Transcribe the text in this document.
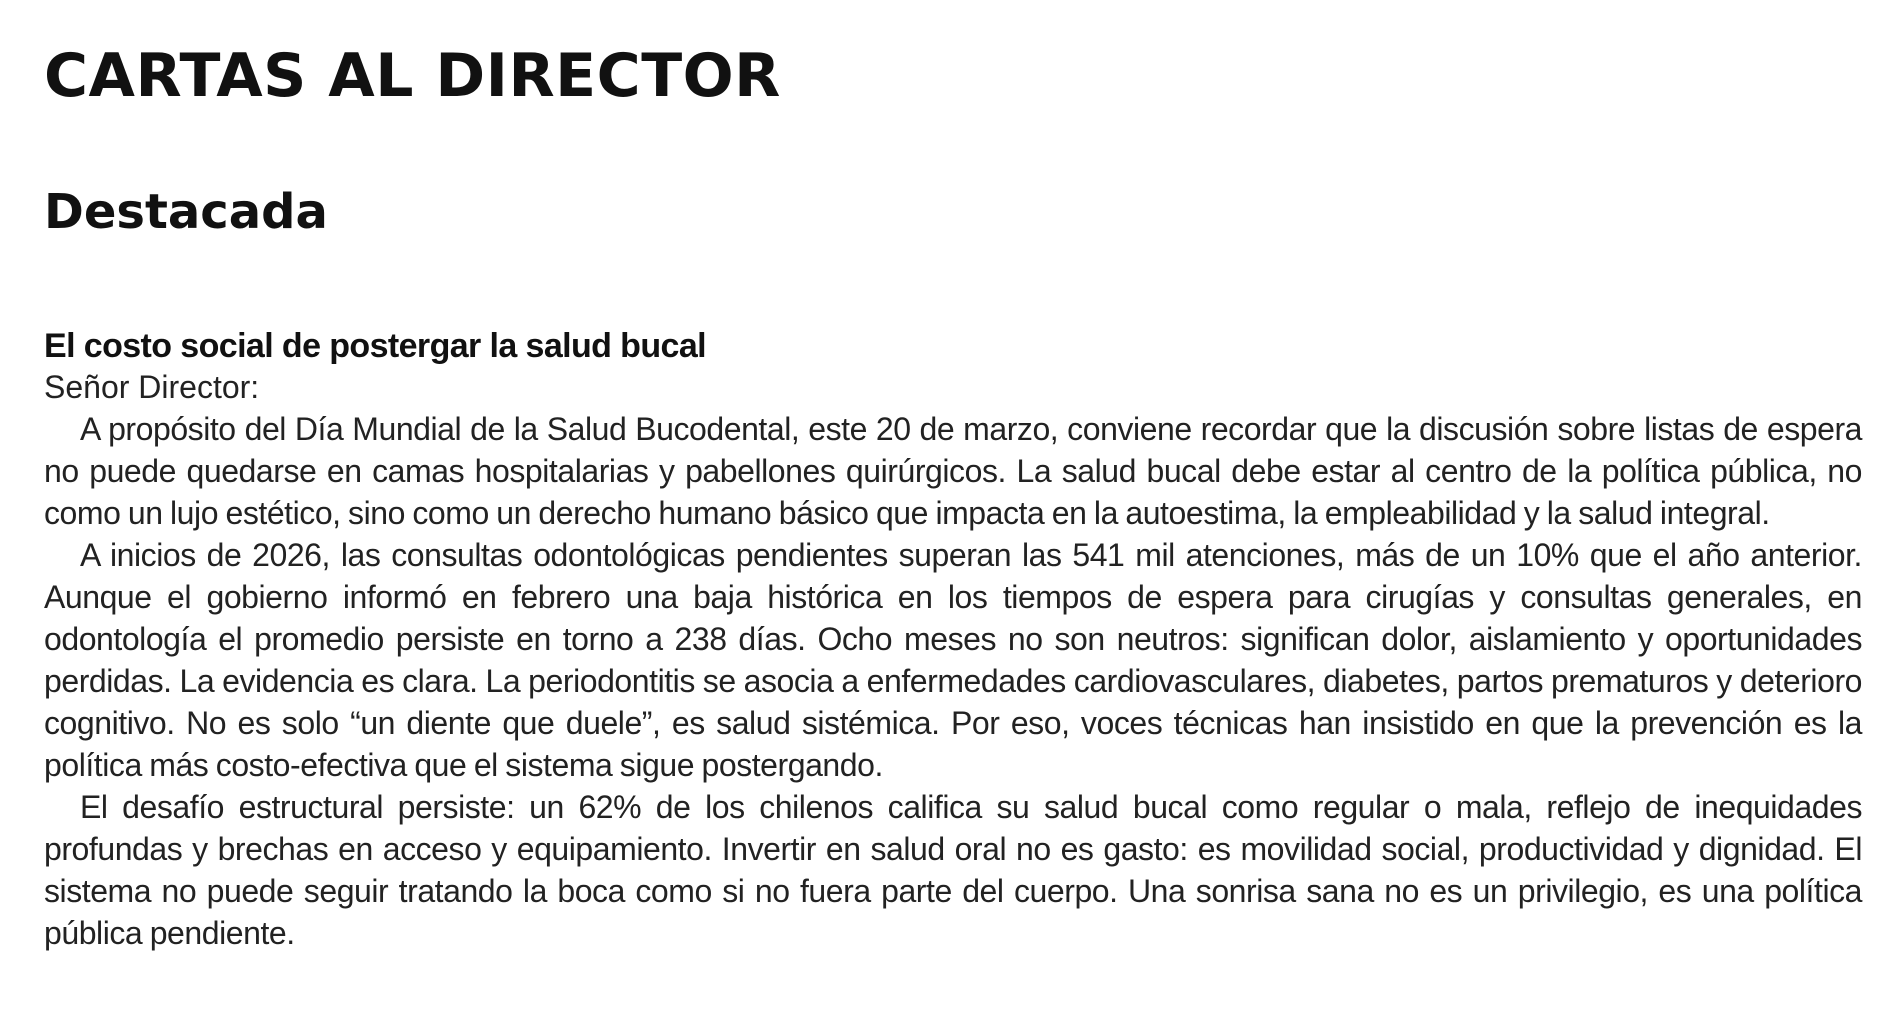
CARTAS AL DIRECTOR
Destacada
El costo social de postergar la salud bucal

Señor Director:

A propósito del Día Mundial de la Salud Bucodental, este 20 de marzo, conviene recordar que la discusión sobre listas de espera no puede quedarse en camas hospitalarias y pabellones quirúrgicos. La salud bucal debe estar al centro de la política pública, no como un lujo estético, sino como un derecho humano básico que impacta en la autoestima, la empleabilidad y la salud integral.

A inicios de 2026, las consultas odontológicas pendientes superan las 541 mil atenciones, más de un 10% que el año anterior. Aunque el gobierno informó en febrero una baja histórica en los tiempos de espera para cirugías y consultas generales, en odontología el promedio persiste en torno a 238 días. Ocho meses no son neutros: significan dolor, aislamiento y oportunidades perdidas. La evidencia es clara. La periodontitis se asocia a enfermedades cardiovasculares, diabetes, partos prematuros y deterioro cognitivo. No es solo “un diente que duele”, es salud sistémica. Por eso, voces técnicas han insistido en que la prevención es la política más costo-efectiva que el sistema sigue postergando.

El desafío estructural persiste: un 62% de los chilenos califica su salud bucal como regular o mala, reflejo de inequidades profundas y brechas en acceso y equipamiento. Invertir en salud oral no es gasto: es movilidad social, productividad y dignidad. El sistema no puede seguir tratando la boca como si no fuera parte del cuerpo. Una sonrisa sana no es un privilegio, es una política pública pendiente.
